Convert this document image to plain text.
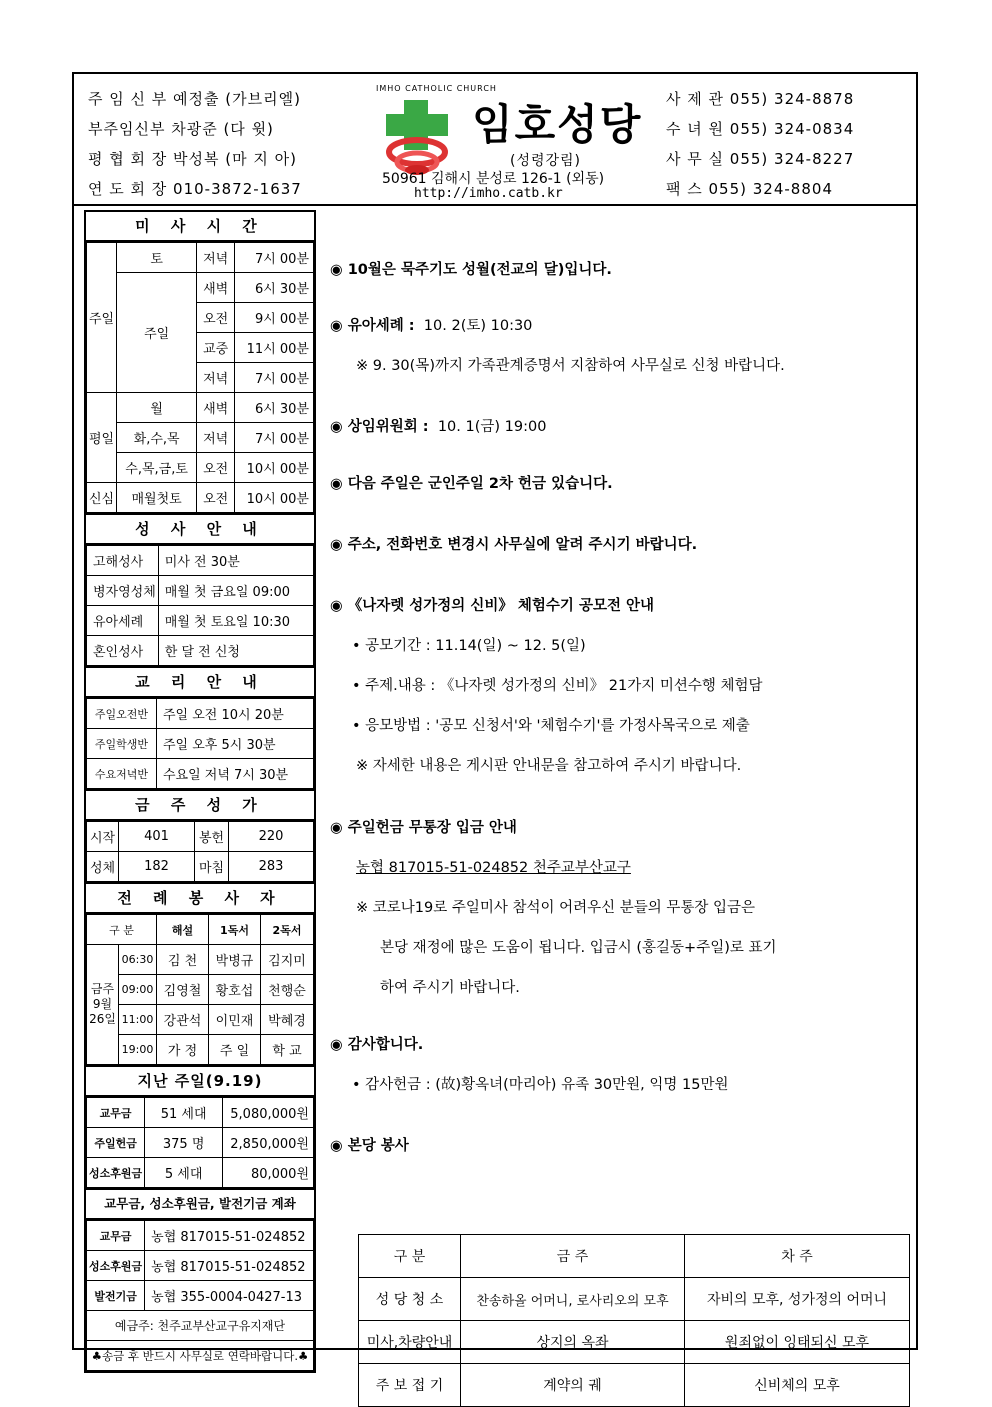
주 임 신 부 예정출 (가브리엘)
부주임신부 차광준 (다 윗)
평 협 회 장 박성복 (마 지 아)
연 도 회 장 010-3872-1637
IMHO CATHOLIC CHURCH
임호성당
(성령강림)
50961 김해시 분성로 126-1 (외동)
http://imho.catb.kr
사 제 관 055) 324-8878
수 녀 원 055) 324-0834
사 무 실 055) 324-8227
팩 스 055) 324-8804
미 사 시 간
주일	토	저녁	7시 00분
	주일	새벽	6시 30분
		오전	9시 00분
		교중	11시 00분
		저녁	7시 00분
평일	월	새벽	6시 30분
	화,수,목	저녁	7시 00분
	수,목,금,토	오전	10시 00분
신심	매월첫토	오전	10시 00분
성 사 안 내
고해성사	미사 전 30분
병자영성체	매월 첫 금요일 09:00
유아세례	매월 첫 토요일 10:30
혼인성사	한 달 전 신청
교 리 안 내
주일오전반	주일 오전 10시 20분
주일학생반	주일 오후 5시 30분
수요저녁반	수요일 저녁 7시 30분
금 주 성 가
시작	401	봉헌	220
성체	182	마침	283
전 례 봉 사 자
구 분		해설	1독서	2독서
금주 9월 26일	06:30	김 천	박병규	김지미
	09:00	김영철	황호섭	천행순
	11:00	강관석	이민재	박혜경
	19:00	가 정	주 일	학 교
지난 주일(9.19)
교무금	51 세대	5,080,000원
주일헌금	375 명	2,850,000원
성소후원금	5 세대	80,000원
교무금, 성소후원금, 발전기금 계좌
교무금	농협 817015-51-024852
성소후원금	농협 817015-51-024852
발전기금	농협 355-0004-0427-13
예금주: 천주교부산교구유지재단	
♣송금 후 반드시 사무실로 연락바랍니다.♣	
◉ 10월은 묵주기도 성월(전교의 달)입니다.
◉ 유아세례 : 10. 2(토) 10:30
※ 9. 30(목)까지 가족관계증명서 지참하여 사무실로 신청 바랍니다.
◉ 상임위원회 : 10. 1(금) 19:00
◉ 다음 주일은 군인주일 2차 헌금 있습니다.
◉ 주소, 전화번호 변경시 사무실에 알려 주시기 바랍니다.
◉ 《나자렛 성가정의 신비》 체험수기 공모전 안내
• 공모기간 : 11.14(일) ~ 12. 5(일)
• 주제.내용 : 《나자렛 성가정의 신비》 21가지 미션수행 체험담
• 응모방법 : '공모 신청서'와 '체험수기'를 가정사목국으로 제출
※ 자세한 내용은 게시판 안내문을 참고하여 주시기 바랍니다.
◉ 주일헌금 무통장 입금 안내
농협 817015-51-024852 천주교부산교구
※ 코로나19로 주일미사 참석이 어려우신 분들의 무통장 입금은
본당 재정에 많은 도움이 됩니다. 입금시 (홍길동+주일)로 표기
하여 주시기 바랍니다.
◉ 감사합니다.
• 감사헌금 : (故)황옥녀(마리아) 유족 30만원, 익명 15만원
◉ 본당 봉사
구 분	금 주	차 주
성 당 청 소	찬송하올 어머니, 로사리오의 모후	자비의 모후, 성가정의 어머니
미사,차량안내	상지의 옥좌	원죄없이 잉태되신 모후
주 보 접 기	계약의 궤	신비체의 모후
